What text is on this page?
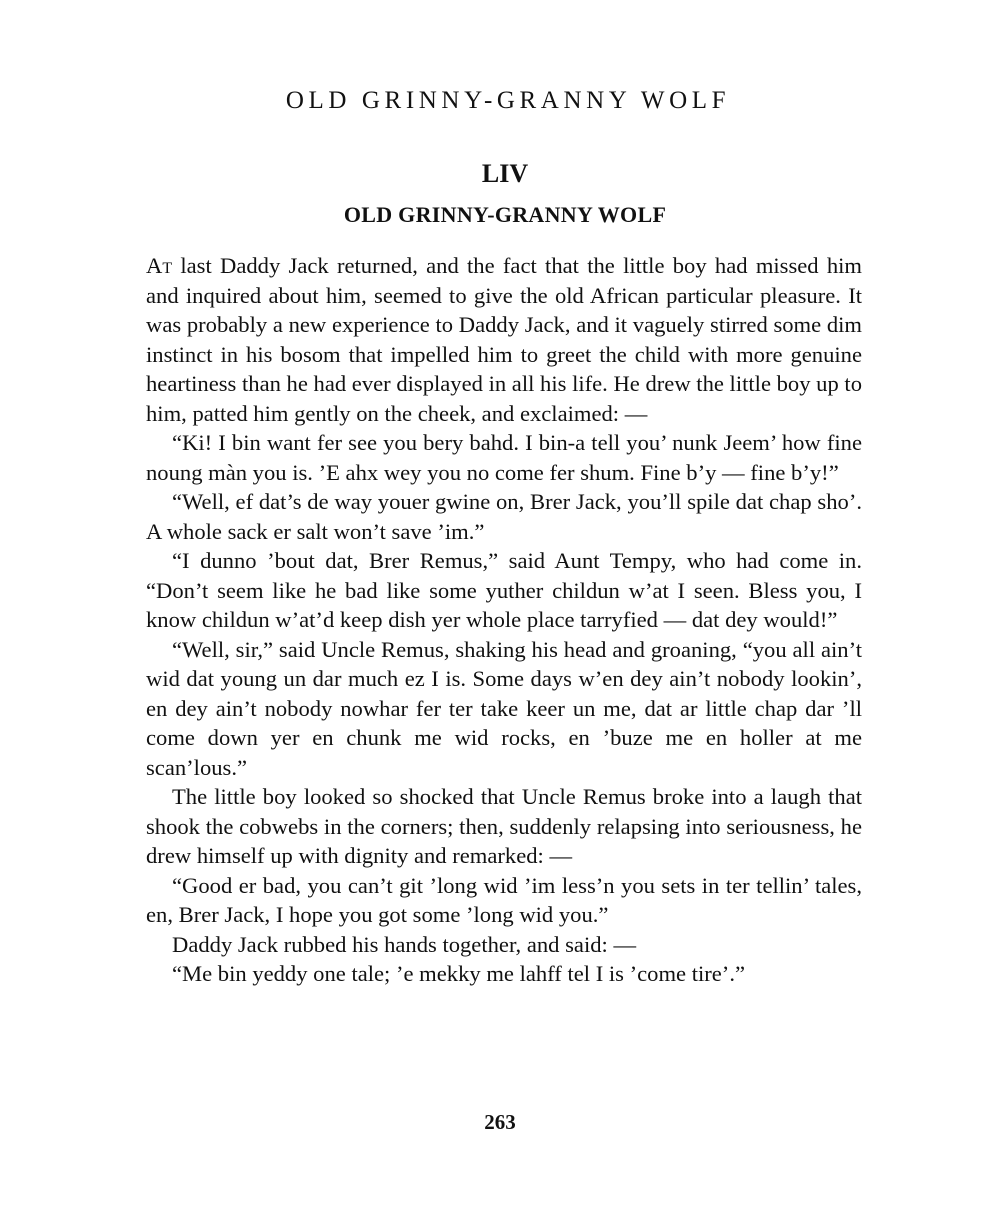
OLD GRINNY-GRANNY WOLF
LIV
OLD GRINNY-GRANNY WOLF

At last Daddy Jack returned, and the fact that the little boy had missed him and inquired about him, seemed to give the old African particular pleasure. It was probably a new experience to Daddy Jack, and it vaguely stirred some dim instinct in his bosom that impelled him to greet the child with more genuine heartiness than he had ever displayed in all his life. He drew the little boy up to him, patted him gently on the cheek, and exclaimed: —

“Ki! I bin want fer see you bery bahd. I bin-a tell you’ nunk Jeem’ how fine noung màn you is. ’E ahx wey you no come fer shum. Fine b’y — fine b’y!”

“Well, ef dat’s de way youer gwine on, Brer Jack, you’ll spile dat chap sho’. A whole sack er salt won’t save ’im.”

“I dunno ’bout dat, Brer Remus,” said Aunt Tempy, who had come in. “Don’t seem like he bad like some yuther childun w’at I seen. Bless you, I know childun w’at’d keep dish yer whole place tarryfied — dat dey would!”

“Well, sir,” said Uncle Remus, shaking his head and groaning, “you all ain’t wid dat young un dar much ez I is. Some days w’en dey ain’t nobody lookin’, en dey ain’t nobody nowhar fer ter take keer un me, dat ar little chap dar ’ll come down yer en chunk me wid rocks, en ’buze me en holler at me scan’lous.”

The little boy looked so shocked that Uncle Remus broke into a laugh that shook the cobwebs in the corners; then, suddenly relapsing into seriousness, he drew himself up with dignity and remarked: —

“Good er bad, you can’t git ’long wid ’im less’n you sets in ter tellin’ tales, en, Brer Jack, I hope you got some ’long wid you.”

Daddy Jack rubbed his hands together, and said: —

“Me bin yeddy one tale; ’e mekky me lahff tel I is ’come tire’.”

263
